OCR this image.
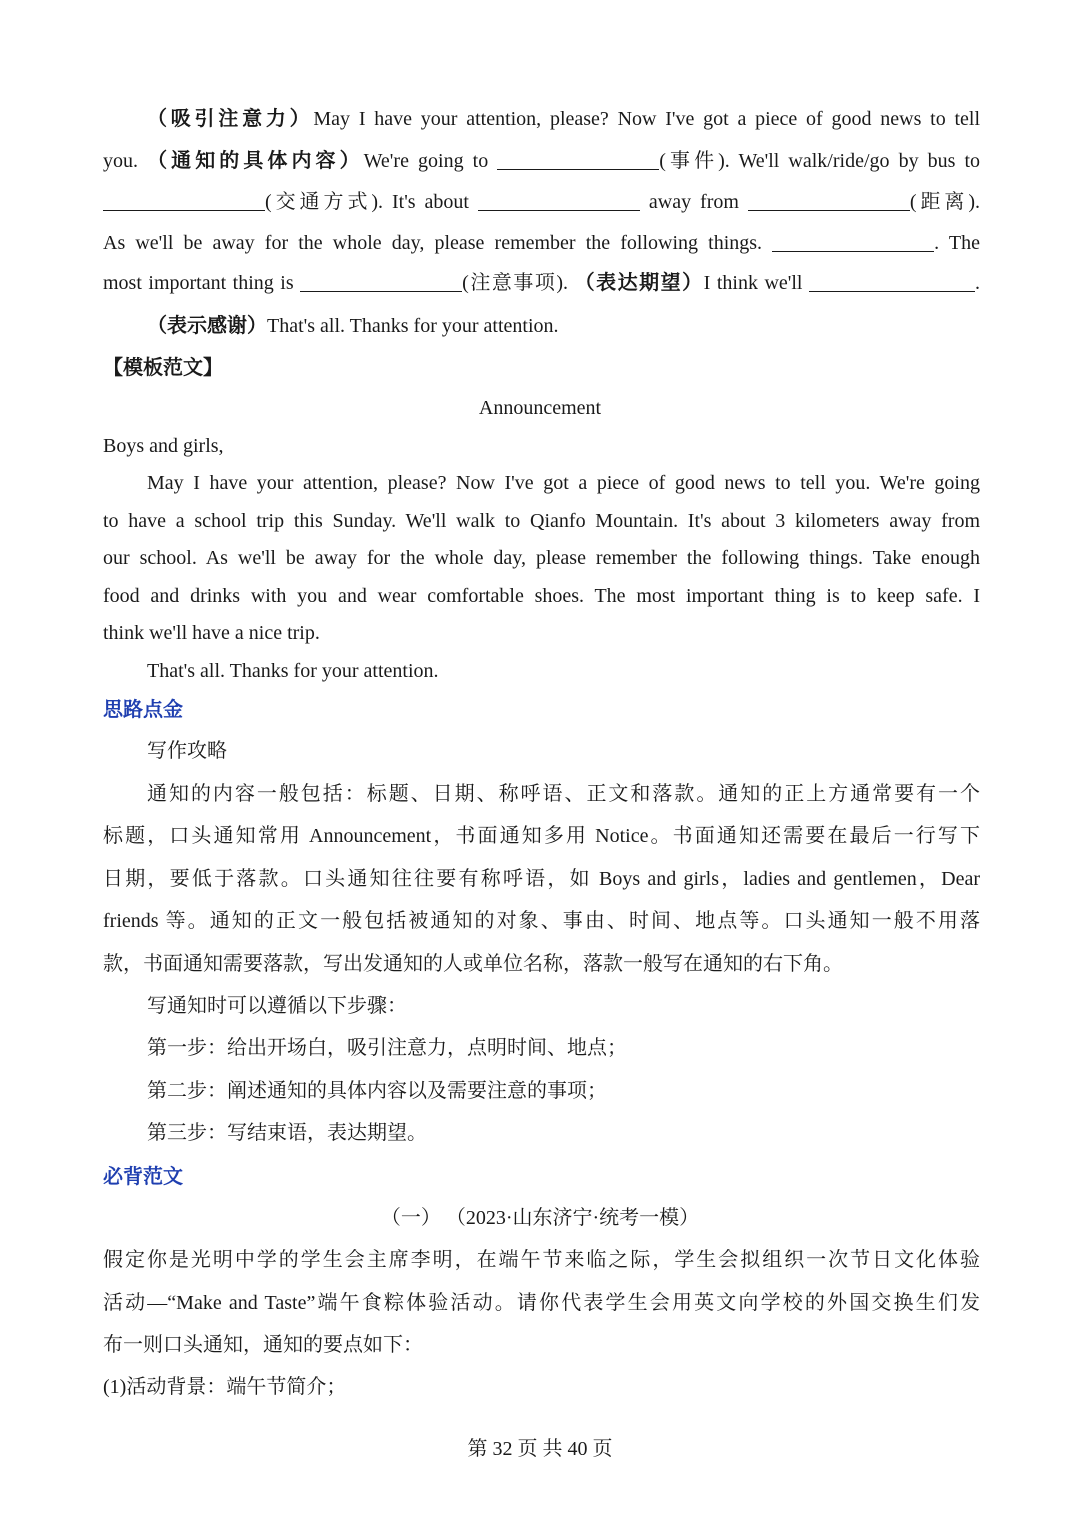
（吸引注意力）May I have your attention, please? Now I've got a piece of good news to tell
you. （通知的具体内容）We're going to	(事件). We'll walk/ride/go by bus to
(交通方式). It's about	away from	(距离).
As we'll be away for the whole day, please remember the following things.	. The
most important thing is	(注意事项). （表达期望）I think we'll	.
（表示感谢）That's all. Thanks for your attention.
【模板范文】
Announcement
Boys and girls,
May I have your attention, please? Now I've got a piece of good news to tell you. We're going
to have a school trip this Sunday. We'll walk to Qianfo Mountain. It's about 3 kilometers away from
our school. As we'll be away for the whole day, please remember the following things. Take enough
food and drinks with you and wear comfortable shoes. The most important thing is to keep safe. I
think we'll have a nice trip.
That's all. Thanks for your attention.
思路点金
写作攻略
通知的内容一般包括：标题、日期、称呼语、正文和落款。通知的正上方通常要有一个
标题，口头通知常用 Announcement，书面通知多用 Notice。书面通知还需要在最后一行写下
日期，要低于落款。口头通知往往要有称呼语，如 Boys and girls，ladies and gentlemen，Dear
friends 等。通知的正文一般包括被通知的对象、事由、时间、地点等。口头通知一般不用落
款，书面通知需要落款，写出发通知的人或单位名称，落款一般写在通知的右下角。
写通知时可以遵循以下步骤：
第一步：给出开场白，吸引注意力，点明时间、地点；
第二步：阐述通知的具体内容以及需要注意的事项；
第三步：写结束语，表达期望。
必背范文
（一） （2023·山东济宁·统考一模）
假定你是光明中学的学生会主席李明，在端午节来临之际，学生会拟组织一次节日文化体验
活动—“Make and Taste”端午食粽体验活动。请你代表学生会用英文向学校的外国交换生们发
布一则口头通知，通知的要点如下：
(1)活动背景：端午节简介；
第 32 页 共 40 页
